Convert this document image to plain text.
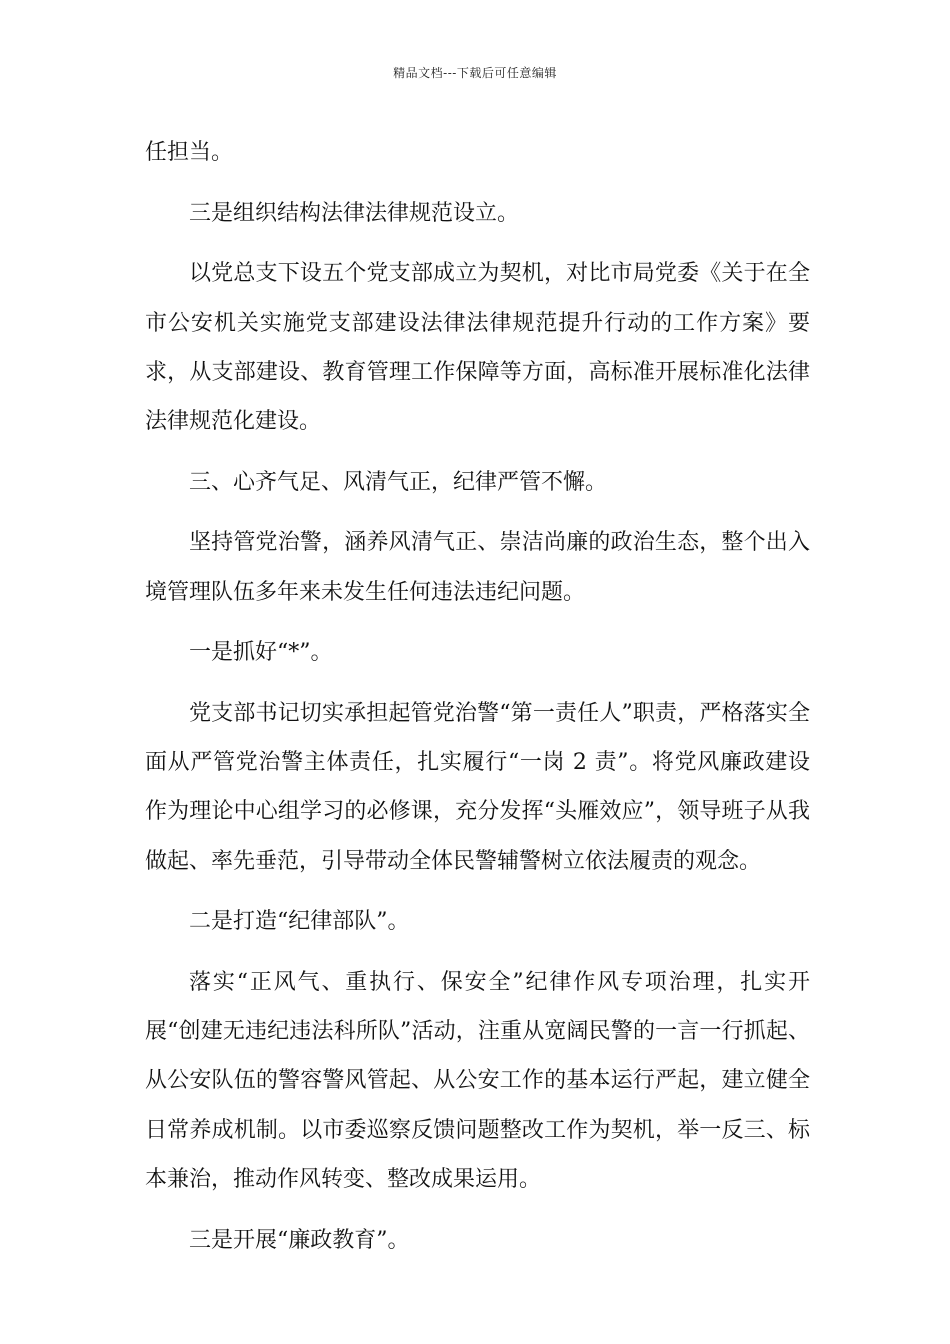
精品文档---下载后可任意编辑

任担当。

三是组织结构法律法律规范设立。

以党总支下设五个党支部成立为契机，对比市局党委《关于在全市公安机关实施党支部建设法律法律规范提升行动的工作方案》要求，从支部建设、教育管理工作保障等方面，高标准开展标准化法律法律规范化建设。

三、心齐气足、风清气正，纪律严管不懈。

坚持管党治警，涵养风清气正、崇洁尚廉的政治生态，整个出入境管理队伍多年来未发生任何违法违纪问题。

一是抓好“*”。

党支部书记切实承担起管党治警“第一责任人”职责，严格落实全面从严管党治警主体责任，扎实履行“一岗 2 责”。将党风廉政建设作为理论中心组学习的必修课，充分发挥“头雁效应”，领导班子从我做起、率先垂范，引导带动全体民警辅警树立依法履责的观念。

二是打造“纪律部队”。

落实“正风气、重执行、保安全”纪律作风专项治理，扎实开展“创建无违纪违法科所队”活动，注重从宽阔民警的一言一行抓起、从公安队伍的警容警风管起、从公安工作的基本运行严起，建立健全日常养成机制。以市委巡察反馈问题整改工作为契机，举一反三、标本兼治，推动作风转变、整改成果运用。

三是开展“廉政教育”。
